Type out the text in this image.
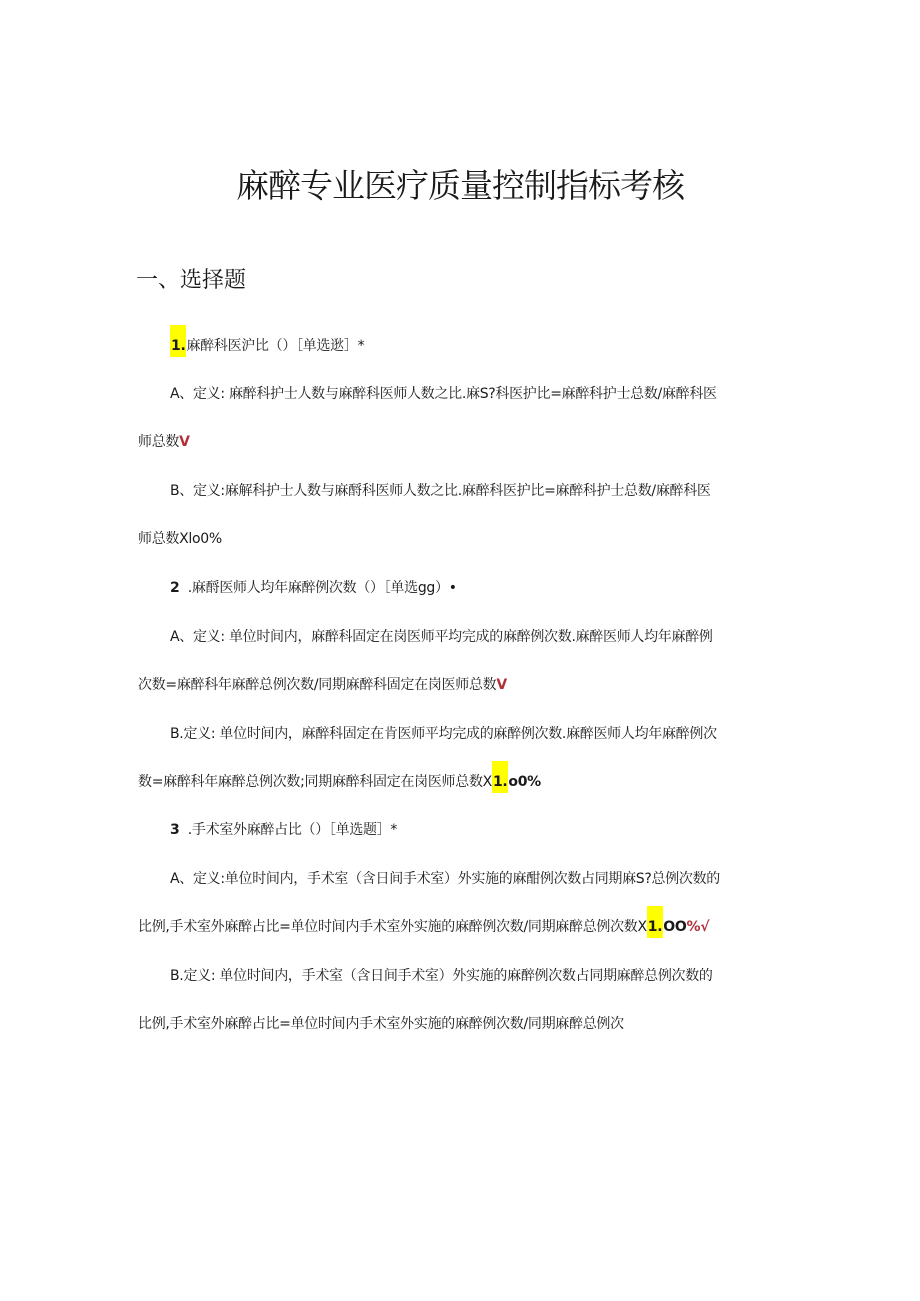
麻醉专业医疗质量控制指标考核
一、选择题
1.麻醉科医沪比（）［单选逖］*
A、定义: 麻醉科护士人数与麻醉科医师人数之比.麻S?科医护比=麻醉科护士总数/麻醉科医
师总数V
B、定义:麻解科护士人数与麻酹科医师人数之比.麻醉科医护比=麻醉科护士总数/麻醉科医
师总数Xlo0%
2 .麻酹医师人均年麻醉例次数（）［单选gg）•
A、定义: 单位时间内，麻醉科固定在岗医师平均完成的麻醉例次数.麻醉医师人均年麻醉例
次数=麻醉科年麻醉总例次数/同期麻醉科固定在岗医师总数V
B.定义: 单位时间内，麻醉科固定在肯医师平均完成的麻醉例次数.麻醉医师人均年麻醉例次
数=麻醉科年麻醉总例次数;同期麻醉科固定在岗医师总数X1.o0%
3 .手术室外麻醉占比（）［单选题］*
A、定义:单位时间内，手术室（含日间手术室）外实施的麻酣例次数占同期麻S?总例次数的
比例,手术室外麻醉占比=单位时间内手术室外实施的麻醉例次数/同期麻醉总例次数X1.OO%√
B.定义: 单位时间内，手术室（含日间手术室）外实施的麻醉例次数占同期麻醉总例次数的
比例,手术室外麻醉占比=单位时间内手术室外实施的麻醉例次数/同期麻醉总例次
